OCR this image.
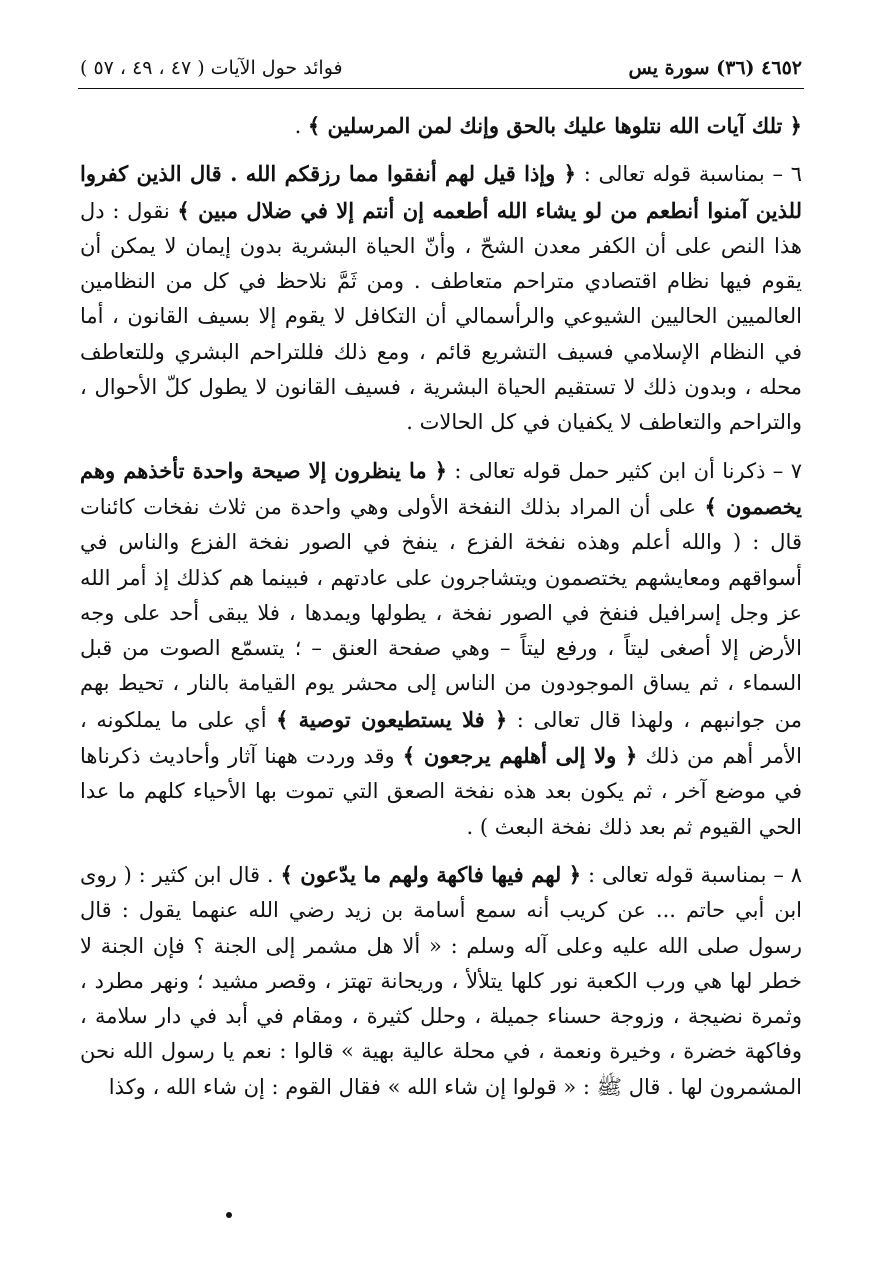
٤٦٥٢ (٣٦) سورة يس
فوائد حول الآيات ( ٤٧ ، ٤٩ ، ٥٧ )

﴿ تلك آيات الله نتلوها عليك بالحق وإنك لمن المرسلين ﴾ .

٦ – بمناسبة قوله تعالى : ﴿ وإذا قيل لهم أنفقوا مما رزقكم الله . قال الذين كفروا للذين آمنوا أنطعم من لو يشاء الله أطعمه إن أنتم إلا في ضلال مبين ﴾ نقول : دل هذا النص على أن الكفر معدن الشحّ ، وأنّ الحياة البشرية بدون إيمان لا يمكن أن يقوم فيها نظام اقتصادي متراحم متعاطف . ومن ثَمَّ نلاحظ في كل من النظامين العالميين الحاليين الشيوعي والرأسمالي أن التكافل لا يقوم إلا بسيف القانون ، أما في النظام الإسلامي فسيف التشريع قائم ، ومع ذلك فللتراحم البشري وللتعاطف محله ، وبدون ذلك لا تستقيم الحياة البشرية ، فسيف القانون لا يطول كلّ الأحوال ، والتراحم والتعاطف لا يكفيان في كل الحالات .

٧ – ذكرنا أن ابن كثير حمل قوله تعالى : ﴿ ما ينظرون إلا صيحة واحدة تأخذهم وهم يخصمون ﴾ على أن المراد بذلك النفخة الأولى وهي واحدة من ثلاث نفخات كائنات قال : ( والله أعلم وهذه نفخة الفزع ، ينفخ في الصور نفخة الفزع والناس في أسواقهم ومعايشهم يختصمون ويتشاجرون على عادتهم ، فبينما هم كذلك إذ أمر الله عز وجل إسرافيل فنفخ في الصور نفخة ، يطولها ويمدها ، فلا يبقى أحد على وجه الأرض إلا أصغى ليتاً ، ورفع ليتاً – وهي صفحة العنق – ؛ يتسمّع الصوت من قبل السماء ، ثم يساق الموجودون من الناس إلى محشر يوم القيامة بالنار ، تحيط بهم من جوانبهم ، ولهذا قال تعالى : ﴿ فلا يستطيعون توصية ﴾ أي على ما يملكونه ، الأمر أهم من ذلك ﴿ ولا إلى أهلهم يرجعون ﴾ وقد وردت ههنا آثار وأحاديث ذكرناها في موضع آخر ، ثم يكون بعد هذه نفخة الصعق التي تموت بها الأحياء كلهم ما عدا الحي القيوم ثم بعد ذلك نفخة البعث ) .

٨ – بمناسبة قوله تعالى : ﴿ لهم فيها فاكهة ولهم ما يدّعون ﴾ . قال ابن كثير : ( روى ابن أبي حاتم ... عن كريب أنه سمع أسامة بن زيد رضي الله عنهما يقول : قال رسول صلى الله عليه وعلى آله وسلم : « ألا هل مشمر إلى الجنة ؟ فإن الجنة لا خطر لها هي ورب الكعبة نور كلها يتلألأ ، وريحانة تهتز ، وقصر مشيد ؛ ونهر مطرد ، وثمرة نضيجة ، وزوجة حسناء جميلة ، وحلل كثيرة ، ومقام في أبد في دار سلامة ، وفاكهة خضرة ، وخيرة ونعمة ، في محلة عالية بهية » قالوا : نعم يا رسول الله نحن المشمرون لها . قال ﷺ : « قولوا إن شاء الله » فقال القوم : إن شاء الله ، وكذا
